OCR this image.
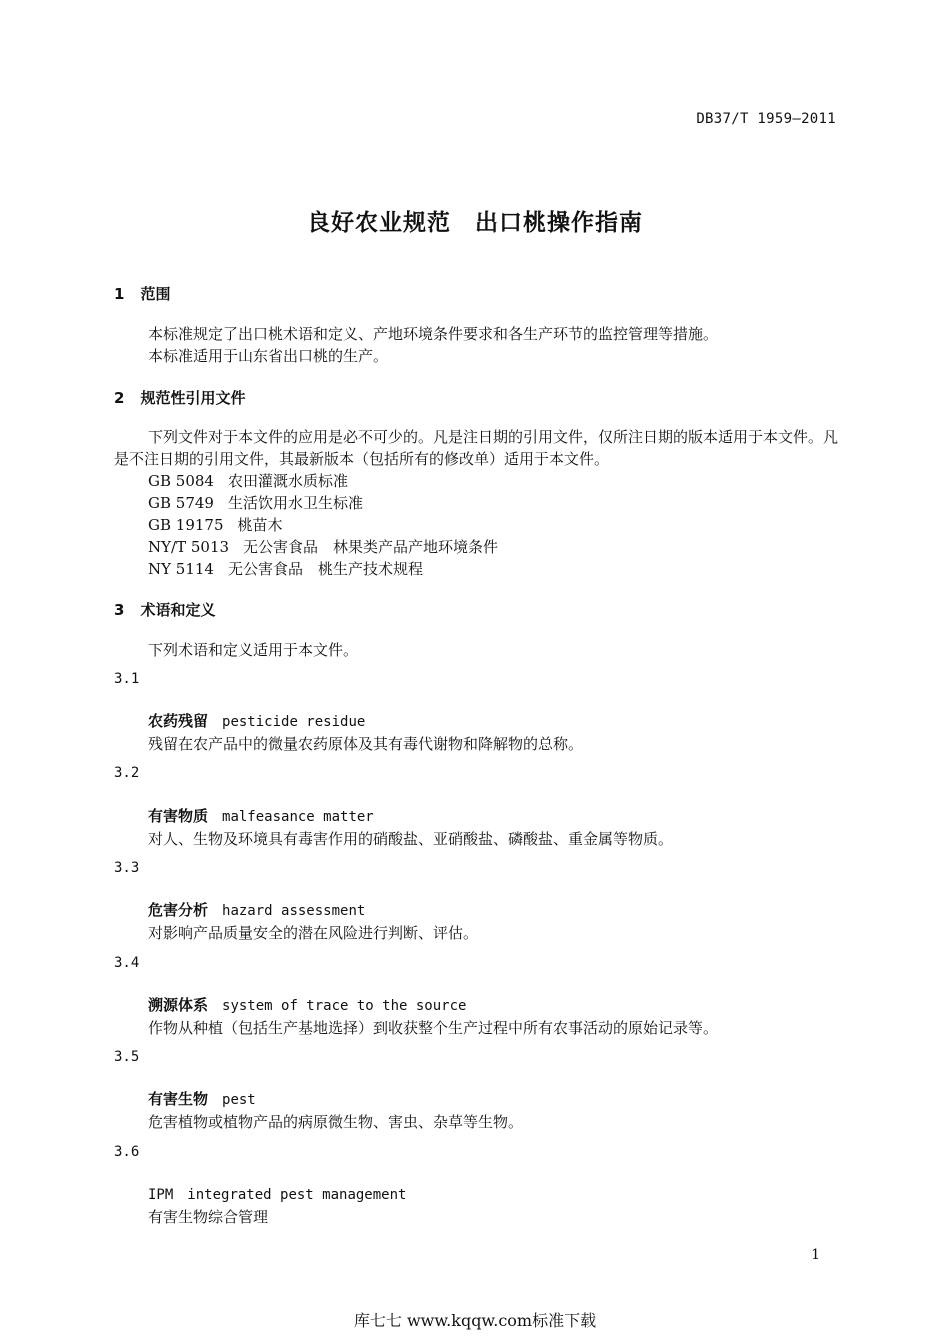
DB37/T 1959—2011
良好农业规范　出口桃操作指南
1 范围
本标准规定了出口桃术语和定义、产地环境条件要求和各生产环节的监控管理等措施。
本标准适用于山东省出口桃的生产。
2 规范性引用文件
下列文件对于本文件的应用是必不可少的。凡是注日期的引用文件，仅所注日期的版本适用于本文件。凡是不注日期的引用文件，其最新版本（包括所有的修改单）适用于本文件。
GB 5084 农田灌溉水质标准
GB 5749 生活饮用水卫生标准
GB 19175 桃苗木
NY/T 5013 无公害食品　林果类产品产地环境条件
NY 5114 无公害食品　桃生产技术规程
3 术语和定义
下列术语和定义适用于本文件。
3.1
农药残留 pesticide residue
残留在农产品中的微量农药原体及其有毒代谢物和降解物的总称。
3.2
有害物质 malfeasance matter
对人、生物及环境具有毒害作用的硝酸盐、亚硝酸盐、磷酸盐、重金属等物质。
3.3
危害分析 hazard assessment
对影响产品质量安全的潜在风险进行判断、评估。
3.4
溯源体系 system of trace to the source
作物从种植（包括生产基地选择）到收获整个生产过程中所有农事活动的原始记录等。
3.5
有害生物 pest
危害植物或植物产品的病原微生物、害虫、杂草等生物。
3.6
IPM integrated pest management
有害生物综合管理
1
库七七 www.kqqw.com标准下载
